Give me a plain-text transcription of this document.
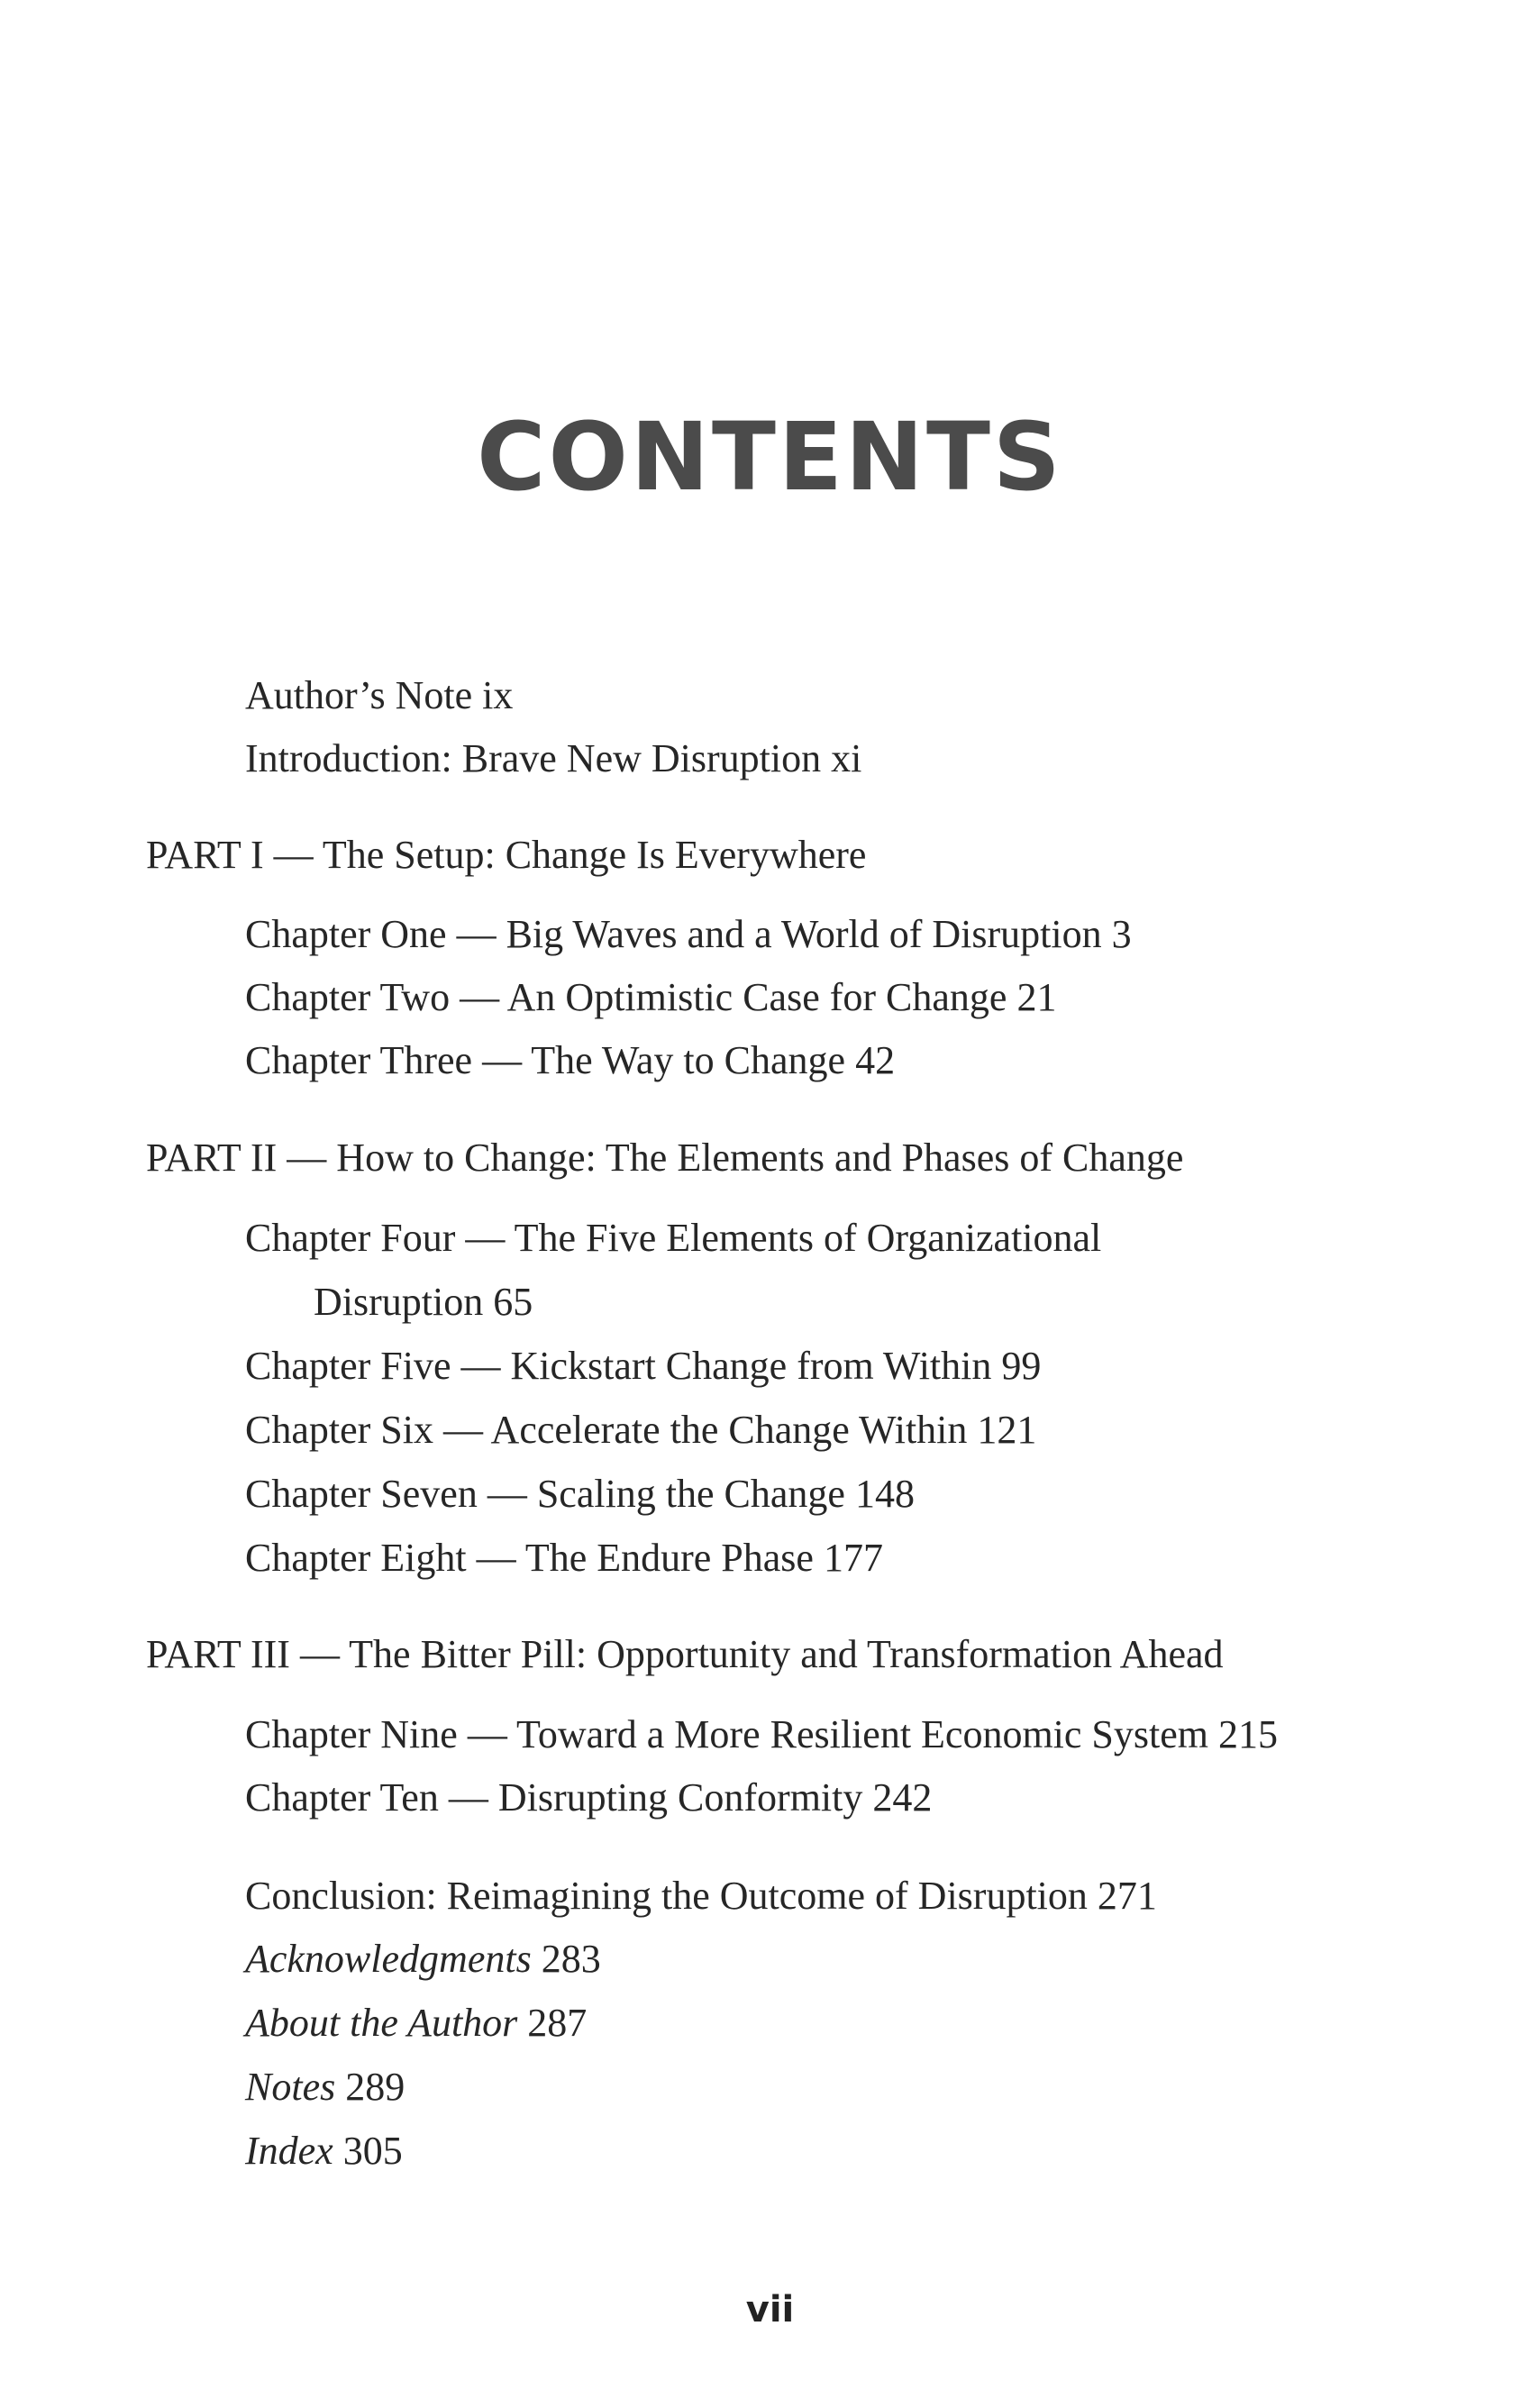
CONTENTS
Author’s Note ix
Introduction: Brave New Disruption xi
PART I — The Setup: Change Is Everywhere
Chapter One — Big Waves and a World of Disruption 3
Chapter Two — An Optimistic Case for Change 21
Chapter Three — The Way to Change 42
PART II — How to Change: The Elements and Phases of Change
Chapter Four — The Five Elements of Organizational
Disruption 65
Chapter Five — Kickstart Change from Within 99
Chapter Six — Accelerate the Change Within 121
Chapter Seven — Scaling the Change 148
Chapter Eight — The Endure Phase 177
PART III — The Bitter Pill: Opportunity and Transformation Ahead
Chapter Nine — Toward a More Resilient Economic System 215
Chapter Ten — Disrupting Conformity 242
Conclusion: Reimagining the Outcome of Disruption 271
Acknowledgments 283
About the Author 287
Notes 289
Index 305
vii
